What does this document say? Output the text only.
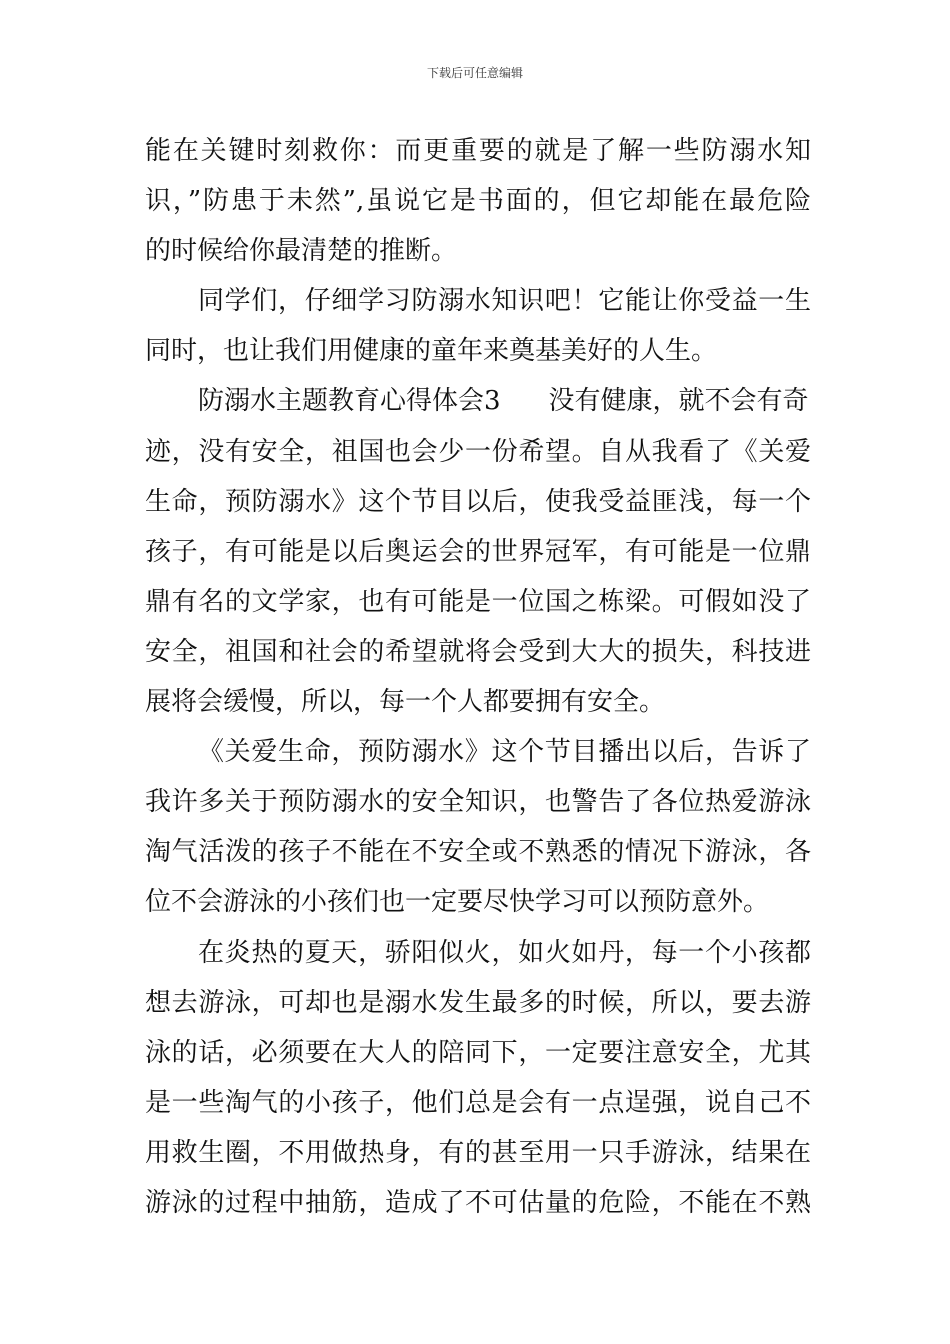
下载后可任意编辑
能在关键时刻救你：而更重要的就是了解一些防溺水知
识，”防患于未然”,虽说它是书面的，但它却能在最危险
的时候给你最清楚的推断。
同学们，仔细学习防溺水知识吧！它能让你受益一生
同时，也让我们用健康的童年来奠基美好的人生。
防溺水主题教育心得体会3 没有健康，就不会有奇
迹，没有安全，祖国也会少一份希望。自从我看了《关爱
生命，预防溺水》这个节目以后，使我受益匪浅，每一个
孩子，有可能是以后奥运会的世界冠军，有可能是一位鼎
鼎有名的文学家，也有可能是一位国之栋梁。可假如没了
安全，祖国和社会的希望就将会受到大大的损失，科技进
展将会缓慢，所以，每一个人都要拥有安全。
《关爱生命，预防溺水》这个节目播出以后，告诉了
我许多关于预防溺水的安全知识，也警告了各位热爱游泳
淘气活泼的孩子不能在不安全或不熟悉的情况下游泳，各
位不会游泳的小孩们也一定要尽快学习可以预防意外。
在炎热的夏天，骄阳似火，如火如丹，每一个小孩都
想去游泳，可却也是溺水发生最多的时候，所以，要去游
泳的话，必须要在大人的陪同下，一定要注意安全，尤其
是一些淘气的小孩子，他们总是会有一点逞强，说自己不
用救生圈，不用做热身，有的甚至用一只手游泳，结果在
游泳的过程中抽筋，造成了不可估量的危险，不能在不熟
